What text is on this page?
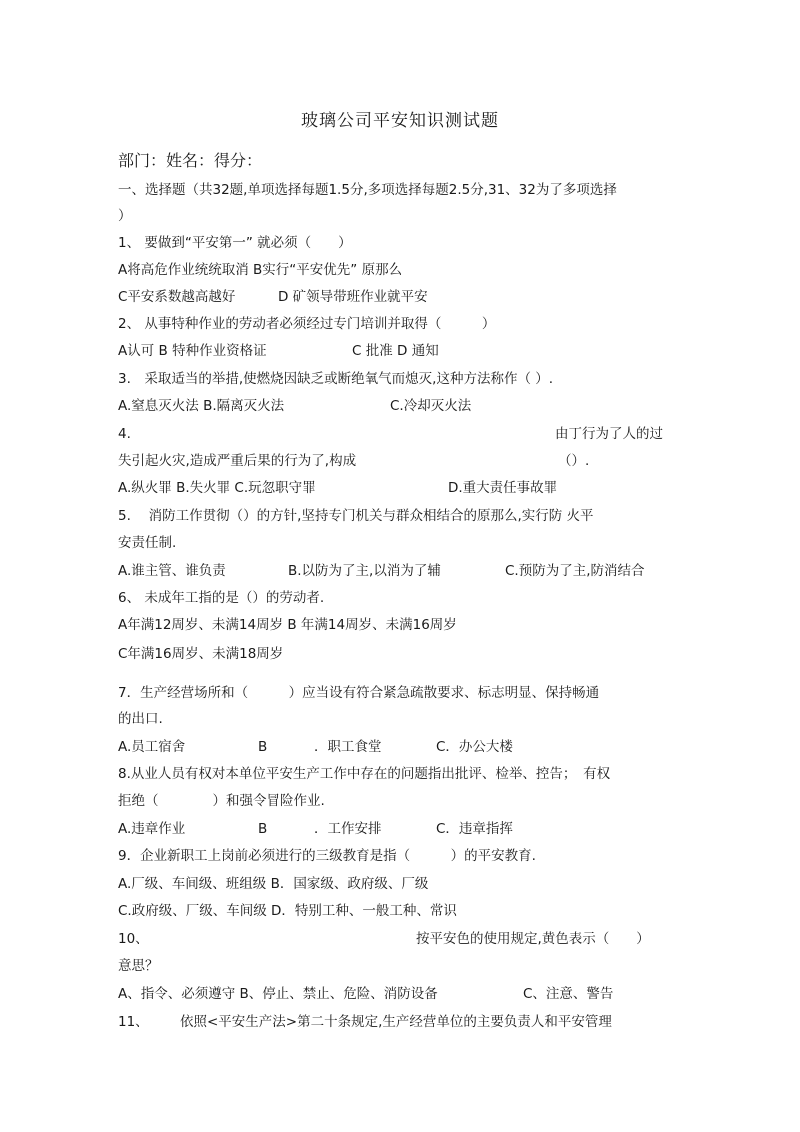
玻璃公司平安知识测试题
部门：姓名：得分：
一、选择题（共32题,单项选择每题1.5分,多项选择每题2.5分,31、32为了多项选择
）
1、 要做到“平安第一” 就必须（　　）
A将高危作业统统取消 B实行“平安优先” 原那么
C平安系数越高越好	D 矿领导带班作业就平安
2、 从事特种作业的劳动者必须经过专门培训并取得（　　　）
A认可 B 特种作业资格证	C 批准 D 通知
3.　采取适当的举措,使燃烧因缺乏或断绝氧气而熄灭,这种方法称作（ ）.
A.窒息灭火法 B.隔离灭火法	C.冷却灭火法
4.	由丁行为了人的过
失引起火灾,造成严重后果的行为了,构成	（）.
A.纵火罪 B.失火罪 C.玩忽职守罪	D.重大责任事故罪
5.　 消防工作贯彻（）的方针,坚持专门机关与群众相结合的原那么,实行防 火平
安责任制.
A.谁主管、谁负责	B.以防为了主,以消为了辅	C.预防为了主,防消结合
6、 未成年工指的是（）的劳动者.
A年满12周岁、未满14周岁 B 年满14周岁、未满16周岁
C年满16周岁、未满18周岁
7．生产经营场所和（　　　）应当设有符合紧急疏散要求、标志明显、保持畅通
的出口.
A.员工宿舍	B	．职工食堂	C．办公大楼
8.从业人员有权对本单位平安生产工作中存在的问题指出批评、检举、控告；　有权
拒绝（　　　　）和强令冒险作业.
A.违章作业	B	．工作安排	C．违章指挥
9．企业新职工上岗前必须进行的三级教育是指（　　　）的平安教育.
A.厂级、车间级、班组级 B．国家级、政府级、厂级
C.政府级、厂级、车间级 D．特别工种、一般工种、常识
10、	按平安色的使用规定,黄色表示（　　）
意思？
A、指令、必须遵守 B、停止、禁止、危险、消防设备	C、注意、警告
11、 依照<平安生产法>第二十条规定,生产经营单位的主要负责人和平安管理
